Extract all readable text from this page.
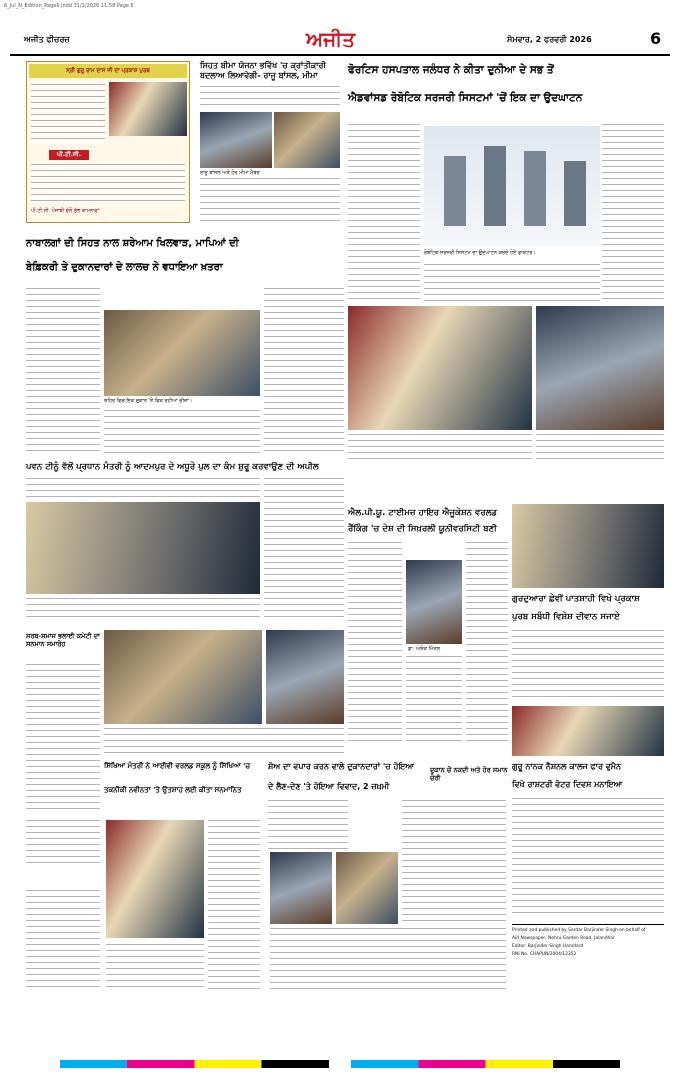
6_Jul_N_Edition_Page6.indd 31/1/2026 11:58 Page 6
ਅਜੀਤ ਫੀਚਰਜ਼	ਅਜੀਤ	ਸੋਮਵਾਰ, 2 ਫਰਵਰੀ 2026	6
ਸ੍ਰੀ ਗੁਰੂ ਰਾਮ ਦਾਸ ਜੀ ਦਾ ਪ੍ਰਕਾਸ਼ ਪੁਰਬ
ਪੀ.ਟੀ.ਸੀ.
ਪੀ.ਟੀ.ਸੀ. ਪੰਜਾਬੀ ਵੱਲੋਂ ਸ਼ੁੱਭ ਕਾਮਨਾਵਾਂ
ਸਿਹਤ ਬੀਮਾ ਯੋਜਨਾ ਭਵਿੱਖ 'ਚ ਕ੍ਰਾਂਤੀਕਾਰੀ ਬਦਲਾਅ ਲਿਆਵੇਗੀ- ਰਾਜੂ ਬਾਂਸਲ, ਮੀਮਾ
ਰਾਜੂ ਬਾਂਸਲ ਅਤੇ ਹੋਰ ਮੀਮਾ ਮੈਂਬਰ
ਫੋਰਟਿਸ ਹਸਪਤਾਲ ਜਲੰਧਰ ਨੇ ਕੀਤਾ ਦੁਨੀਆ ਦੇ ਸਭ ਤੋਂ
ਐਡਵਾਂਸਡ ਰੋਬੋਟਿਕ ਸਰਜਰੀ ਸਿਸਟਮਾਂ 'ਚੋਂ ਇਕ ਦਾ ਉਦਘਾਟਨ
ਰੋਬੋਟਿਕ ਸਰਜਰੀ ਸਿਸਟਮ ਦਾ ਉਦਘਾਟਨ ਕਰਦੇ ਹੋਏ ਡਾਕਟਰ।
ਨਾਬਾਲਗਾਂ ਦੀ ਸਿਹਤ ਨਾਲ ਸ਼ਰੇਆਮ ਖਿਲਵਾੜ, ਮਾਪਿਆਂ ਦੀ
ਬੇਫ਼ਿਕਰੀ ਤੇ ਦੁਕਾਨਦਾਰਾਂ ਦੇ ਲਾਲਚ ਨੇ ਵਧਾਇਆ ਖ਼ਤਰਾ
ਸ਼ਹਿਰ ਵਿਚ ਇਕ ਦੁਕਾਨ 'ਤੇ ਵਿਕ ਰਹੀਆਂ ਚੀਜ਼ਾਂ।
ਪਵਨ ਟੀਨੂੰ ਵੱਲੋਂ ਪ੍ਰਧਾਨ ਮੰਤਰੀ ਨੂੰ ਆਦਮਪੁਰ ਦੇ ਅਧੂਰੇ ਪੁਲ ਦਾ ਕੰਮ ਸ਼ੁਰੂ ਕਰਵਾਉਣ ਦੀ ਅਪੀਲ
ਐਲ.ਪੀ.ਯੂ. ਟਾਈਮਜ਼ ਹਾਇਰ ਐਜੂਕੇਸ਼ਨ ਵਰਲਡ
ਰੈਂਕਿੰਗ 'ਚ ਦੇਸ਼ ਦੀ ਸਿਖ਼ਰਲੀ ਯੂਨੀਵਰਸਿਟੀ ਬਣੀ
ਡਾ. ਅਸ਼ੋਕ ਮਿੱਤਲ
ਗੁਰਦੁਆਰਾ ਛੇਵੀਂ ਪਾਤਸ਼ਾਹੀ ਵਿਖੇ ਪ੍ਰਕਾਸ਼
ਪੁਰਬ ਸਬੰਧੀ ਵਿਸ਼ੇਸ਼ ਦੀਵਾਨ ਸਜਾਏ
ਸਰਬ-ਸਮਾਜ ਭਲਾਈ ਕਮੇਟੀ ਦਾ ਸਨਮਾਨ ਸਮਾਰੋਹ
ਸਿੱਖਿਆ ਮੰਤਰੀ ਨੇ ਆਈਵੀ ਵਰਲਡ ਸਕੂਲ ਨੂੰ ਸਿੱਖਿਆ 'ਚ
ਤਕਨੀਕੀ ਨਵੀਨਤਾ 'ਤੇ ਉਤਸ਼ਾਹ ਲਈ ਕੀਤਾ ਸਨਮਾਨਿਤ
ਸ਼ੋਅ ਦਾ ਵਪਾਰ ਕਰਨ ਵਾਲੇ ਦੁਕਾਨਦਾਰਾਂ 'ਚ ਹੋਇਆ
ਦੇ ਲੈਣ-ਦੇਣ 'ਤੇ ਹੋਇਆ ਵਿਵਾਦ, 2 ਜ਼ਖ਼ਮੀ
ਦੁਕਾਨ ਚੋਂ ਨਕਦੀ ਅਤੇ ਹੋਰ ਸਮਾਨ ਚੋਰੀ
ਗੁਰੂ ਨਾਨਕ ਨੈਸ਼ਨਲ ਕਾਲਜ ਫਾਰ ਵੁਮੈਨ
ਵਿਖੇ ਰਾਸ਼ਟਰੀ ਵੋਟਰ ਦਿਵਸ ਮਨਾਇਆ
Printed and published by Sardar Barjinder Singh on behalf of
Ajit Newspaper, Nehru Garden Road, Jalandhar
Editor: Barjinder Singh Hamdard
RNI No. CHAPUN/2004/12352
